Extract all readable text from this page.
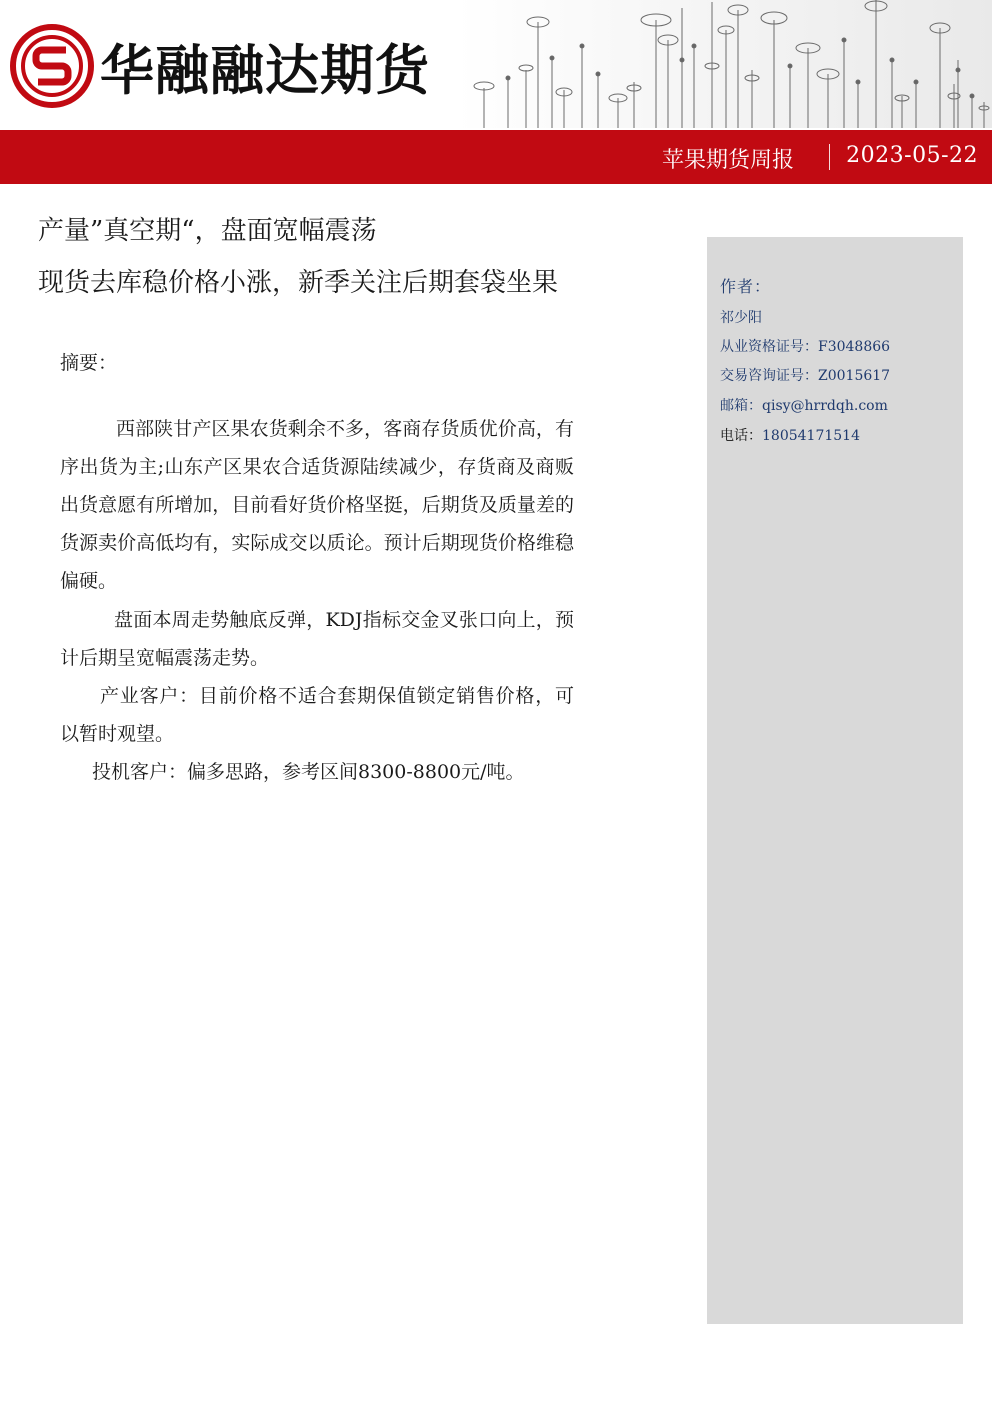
华融融达期货
苹果期货周报 2023-05-22
产量”真空期“，盘面宽幅震荡
现货去库稳价格小涨，新季关注后期套袋坐果
摘要：

西部陕甘产区果农货剩余不多，客商存货质优价高，有序出货为主;山东产区果农合适货源陆续减少，存货商及商贩出货意愿有所增加，目前看好货价格坚挺，后期货及质量差的货源卖价高低均有，实际成交以质论。预计后期现货价格维稳偏硬。

盘面本周走势触底反弹，KDJ指标交金叉张口向上，预计后期呈宽幅震荡走势。

产业客户：目前价格不适合套期保值锁定销售价格，可以暂时观望。

投机客户：偏多思路，参考区间8300-8800元/吨。

作者：
祁少阳
从业资格证号：F3048866
交易咨询证号：Z0015617
邮箱：qisy@hrrdqh.com
电话：18054171514
